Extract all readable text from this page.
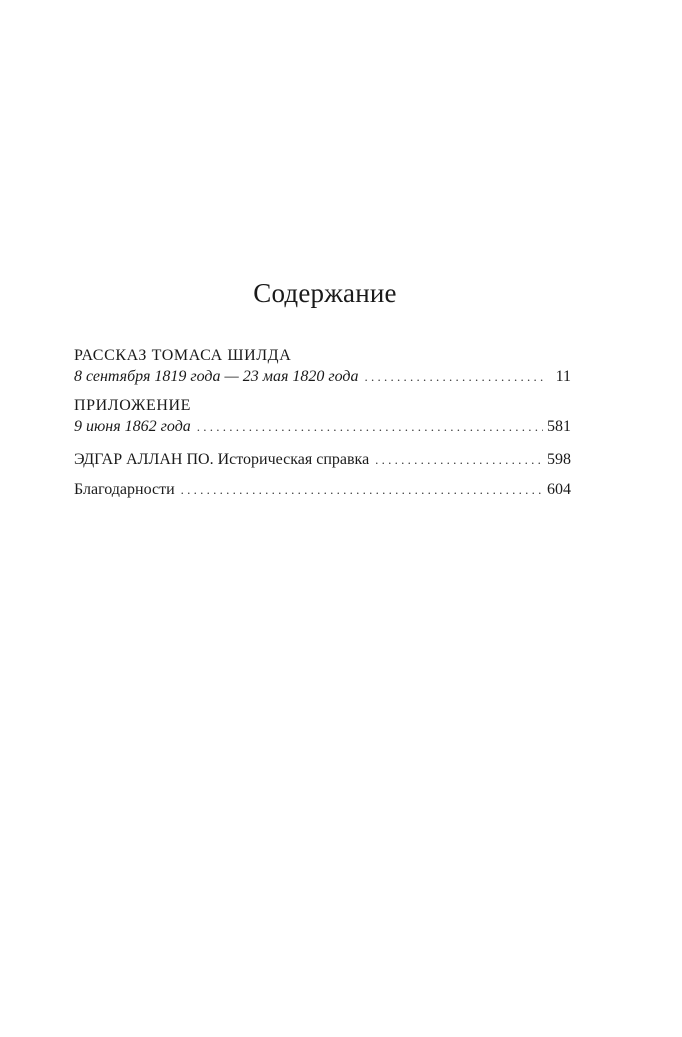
Содержание
РАССКАЗ ТОМАСА ШИЛДА
8 сентября 1819 года — 23 мая 1820 года . . .	11
ПРИЛОЖЕНИЕ
9 июня 1862 года . . .	581
ЭДГАР АЛЛАН ПО. Историческая справка . . .	598
Благодарности . . .	604
